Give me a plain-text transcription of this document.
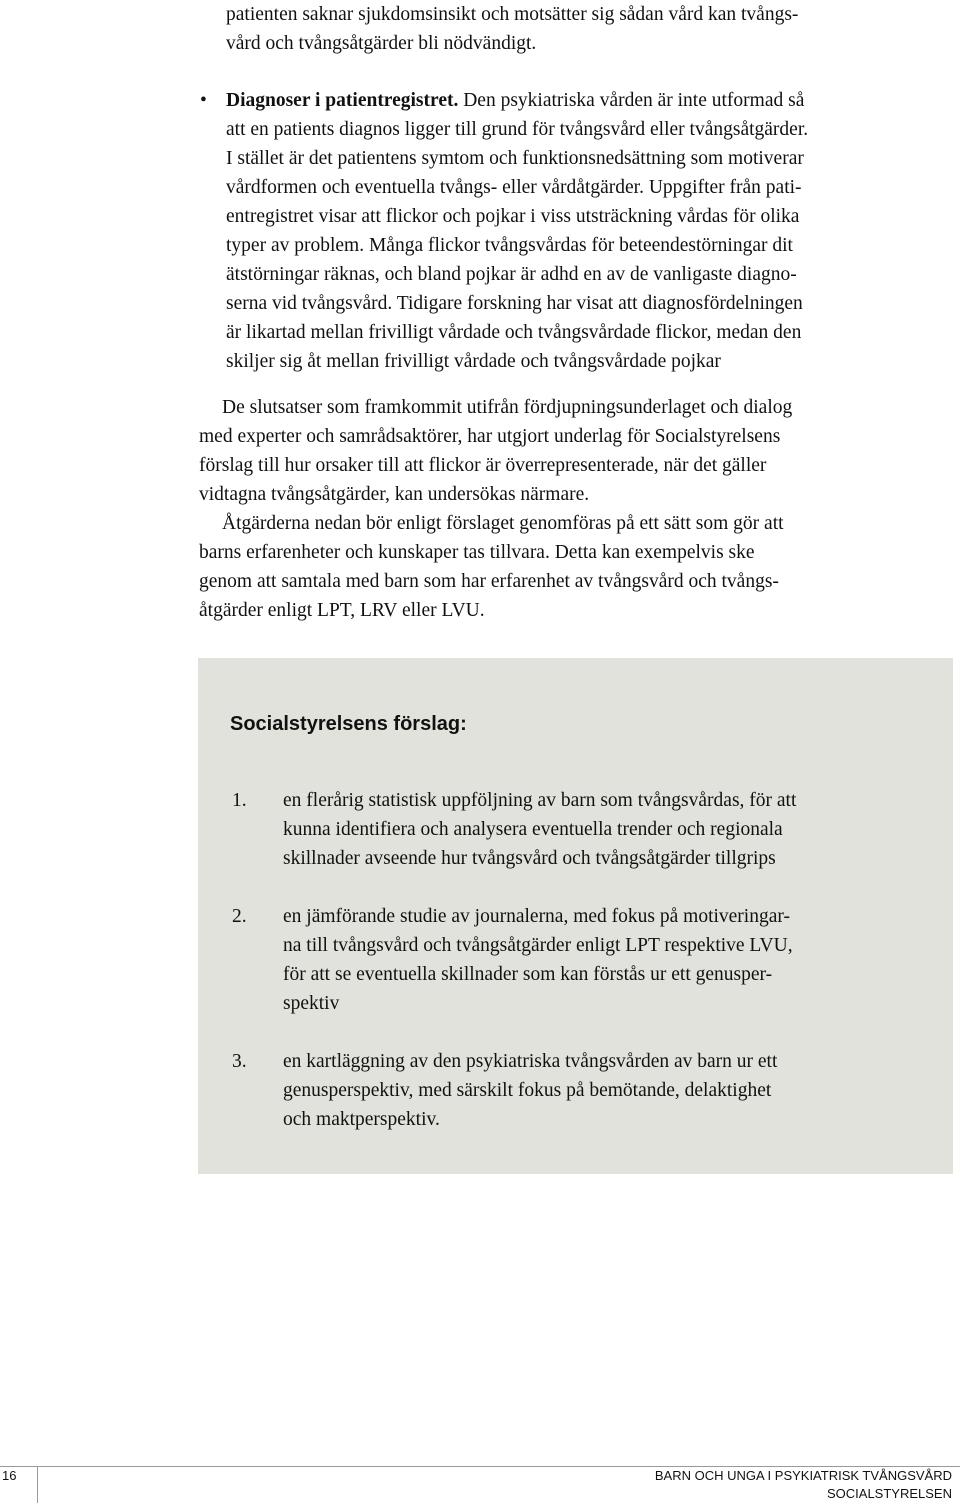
patienten saknar sjukdomsinsikt och motsätter sig sådan vård kan tvångs-
vård och tvångsåtgärder bli nödvändigt.
• Diagnoser i patientregistret. Den psykiatriska vården är inte utformad så
att en patients diagnos ligger till grund för tvångsvård eller tvångsåtgärder.
I stället är det patientens symtom och funktionsnedsättning som motiverar
vårdformen och eventuella tvångs- eller vårdåtgärder. Uppgifter från pati-
entregistret visar att flickor och pojkar i viss utsträckning vårdas för olika
typer av problem. Många flickor tvångsvårdas för beteendestörningar dit
ätstörningar räknas, och bland pojkar är adhd en av de vanligaste diagno-
serna vid tvångsvård. Tidigare forskning har visat att diagnosfördelningen
är likartad mellan frivilligt vårdade och tvångsvårdade flickor, medan den
skiljer sig åt mellan frivilligt vårdade och tvångsvårdade pojkar
De slutsatser som framkommit utifrån fördjupningsunderlaget och dialog
med experter och samrådsaktörer, har utgjort underlag för Socialstyrelsens
förslag till hur orsaker till att flickor är överrepresenterade, när det gäller
vidtagna tvångsåtgärder, kan undersökas närmare.
Åtgärderna nedan bör enligt förslaget genomföras på ett sätt som gör att
barns erfarenheter och kunskaper tas tillvara. Detta kan exempelvis ske
genom att samtala med barn som har erfarenhet av tvångsvård och tvångs-
åtgärder enligt LPT, LRV eller LVU.
Socialstyrelsens förslag:
1. en flerårig statistisk uppföljning av barn som tvångsvårdas, för att
kunna identifiera och analysera eventuella trender och regionala
skillnader avseende hur tvångsvård och tvångsåtgärder tillgrips
2. en jämförande studie av journalerna, med fokus på motiveringar-
na till tvångsvård och tvångsåtgärder enligt LPT respektive LVU,
för att se eventuella skillnader som kan förstås ur ett genusper-
spektiv
3. en kartläggning av den psykiatriska tvångsvården av barn ur ett
genusperspektiv, med särskilt fokus på bemötande, delaktighet
och maktperspektiv.
16	BARN OCH UNGA I PSYKIATRISK TVÅNGSVÅRD
SOCIALSTYRELSEN
